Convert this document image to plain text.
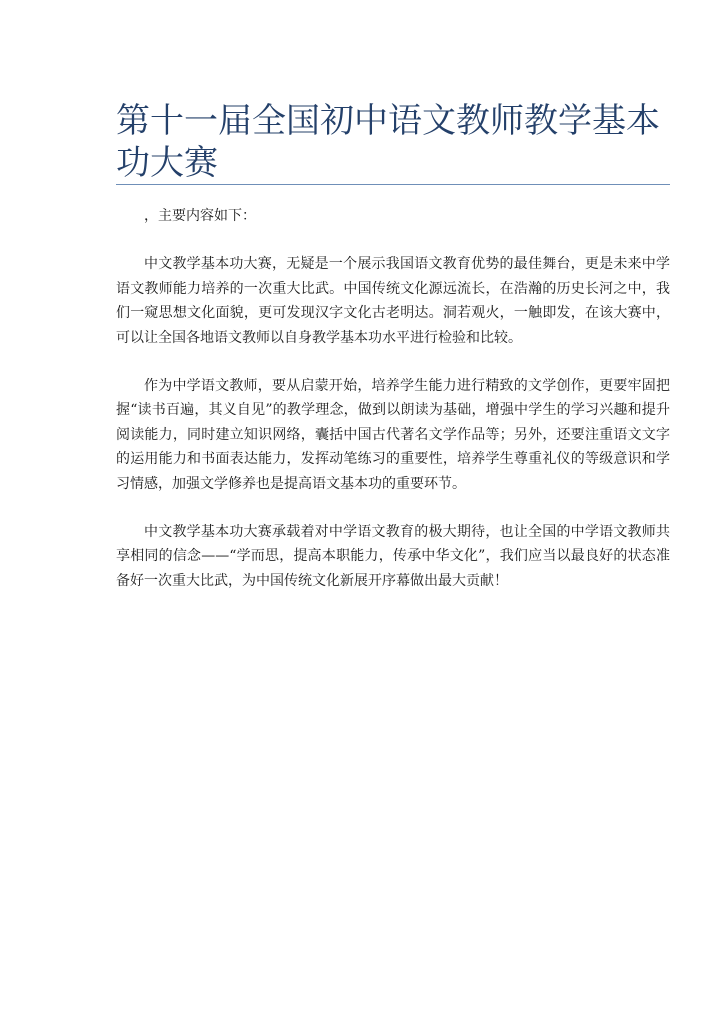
第十一届全国初中语文教师教学基本功大赛

，主要内容如下：

中文教学基本功大赛，无疑是一个展示我国语文教育优势的最佳舞台，更是未来中学语文教师能力培养的一次重大比武。中国传统文化源远流长，在浩瀚的历史长河之中，我们一窥思想文化面貌，更可发现汉字文化古老明达。洞若观火，一触即发，在该大赛中，可以让全国各地语文教师以自身教学基本功水平进行检验和比较。

作为中学语文教师，要从启蒙开始，培养学生能力进行精致的文学创作，更要牢固把握“读书百遍，其义自见”的教学理念，做到以朗读为基础，增强中学生的学习兴趣和提升阅读能力，同时建立知识网络，囊括中国古代著名文学作品等；另外，还要注重语文文字的运用能力和书面表达能力，发挥动笔练习的重要性，培养学生尊重礼仪的等级意识和学习情感，加强文学修养也是提高语文基本功的重要环节。

中文教学基本功大赛承载着对中学语文教育的极大期待，也让全国的中学语文教师共享相同的信念——“学而思，提高本职能力，传承中华文化”，我们应当以最良好的状态准备好一次重大比武，为中国传统文化新展开序幕做出最大贡献！
